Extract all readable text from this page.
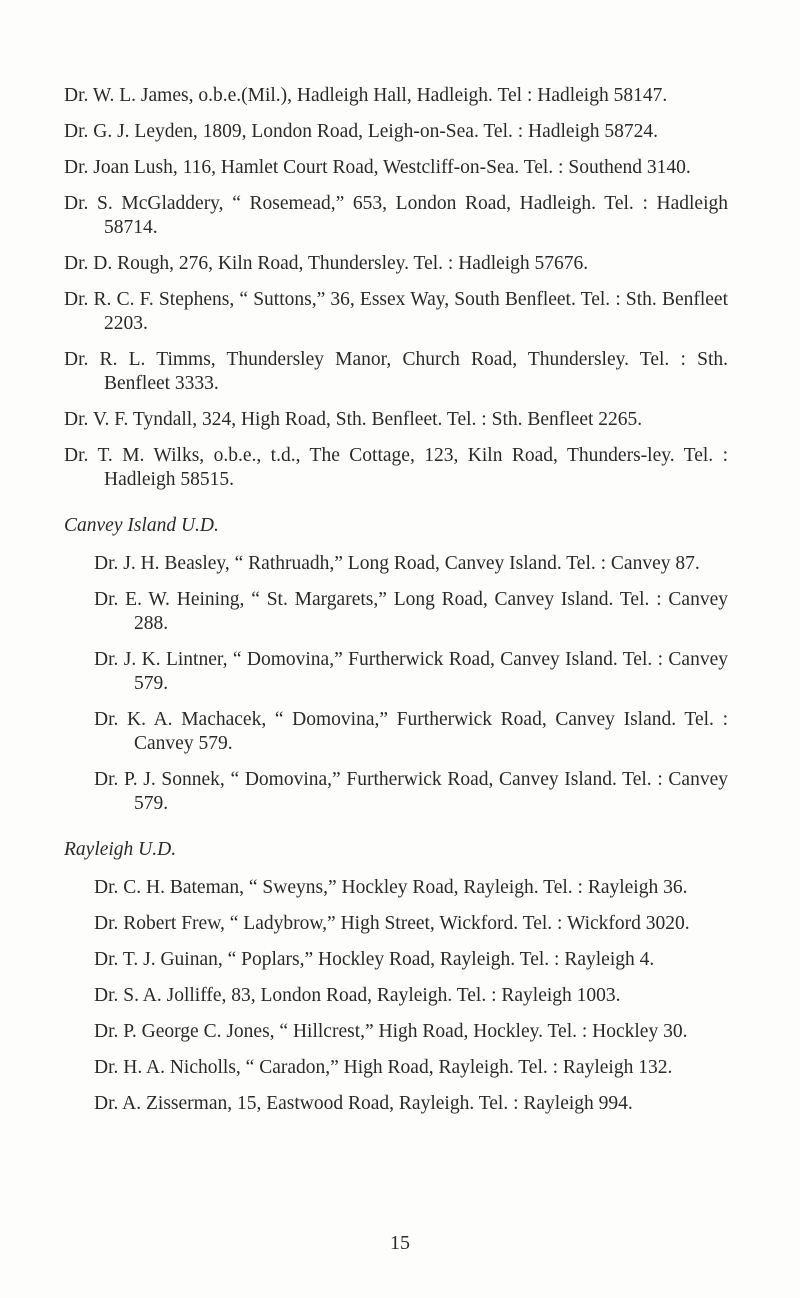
Dr. W. L. James, o.b.e.(Mil.), Hadleigh Hall, Hadleigh. Tel : Hadleigh 58147.

Dr. G. J. Leyden, 1809, London Road, Leigh-on-Sea. Tel. : Hadleigh 58724.

Dr. Joan Lush, 116, Hamlet Court Road, Westcliff-on-Sea. Tel. : Southend 3140.

Dr. S. McGladdery, “ Rosemead,” 653, London Road, Hadleigh. Tel. : Hadleigh 58714.

Dr. D. Rough, 276, Kiln Road, Thundersley. Tel. : Hadleigh 57676.

Dr. R. C. F. Stephens, “ Suttons,” 36, Essex Way, South Benfleet. Tel. : Sth. Benfleet 2203.

Dr. R. L. Timms, Thundersley Manor, Church Road, Thundersley. Tel. : Sth. Benfleet 3333.

Dr. V. F. Tyndall, 324, High Road, Sth. Benfleet. Tel. : Sth. Benfleet 2265.

Dr. T. M. Wilks, o.b.e., t.d., The Cottage, 123, Kiln Road, Thunders-ley. Tel. : Hadleigh 58515.

Canvey Island U.D.

Dr. J. H. Beasley, “ Rathruadh,” Long Road, Canvey Island. Tel. : Canvey 87.

Dr. E. W. Heining, “ St. Margarets,” Long Road, Canvey Island. Tel. : Canvey 288.

Dr. J. K. Lintner, “ Domovina,” Furtherwick Road, Canvey Island. Tel. : Canvey 579.

Dr. K. A. Machacek, “ Domovina,” Furtherwick Road, Canvey Island. Tel. : Canvey 579.

Dr. P. J. Sonnek, “ Domovina,” Furtherwick Road, Canvey Island. Tel. : Canvey 579.

Rayleigh U.D.

Dr. C. H. Bateman, “ Sweyns,” Hockley Road, Rayleigh. Tel. : Rayleigh 36.

Dr. Robert Frew, “ Ladybrow,” High Street, Wickford. Tel. : Wickford 3020.

Dr. T. J. Guinan, “ Poplars,” Hockley Road, Rayleigh. Tel. : Rayleigh 4.

Dr. S. A. Jolliffe, 83, London Road, Rayleigh. Tel. : Rayleigh 1003.

Dr. P. George C. Jones, “ Hillcrest,” High Road, Hockley. Tel. : Hockley 30.

Dr. H. A. Nicholls, “ Caradon,” High Road, Rayleigh. Tel. : Rayleigh 132.

Dr. A. Zisserman, 15, Eastwood Road, Rayleigh. Tel. : Rayleigh 994.

15
